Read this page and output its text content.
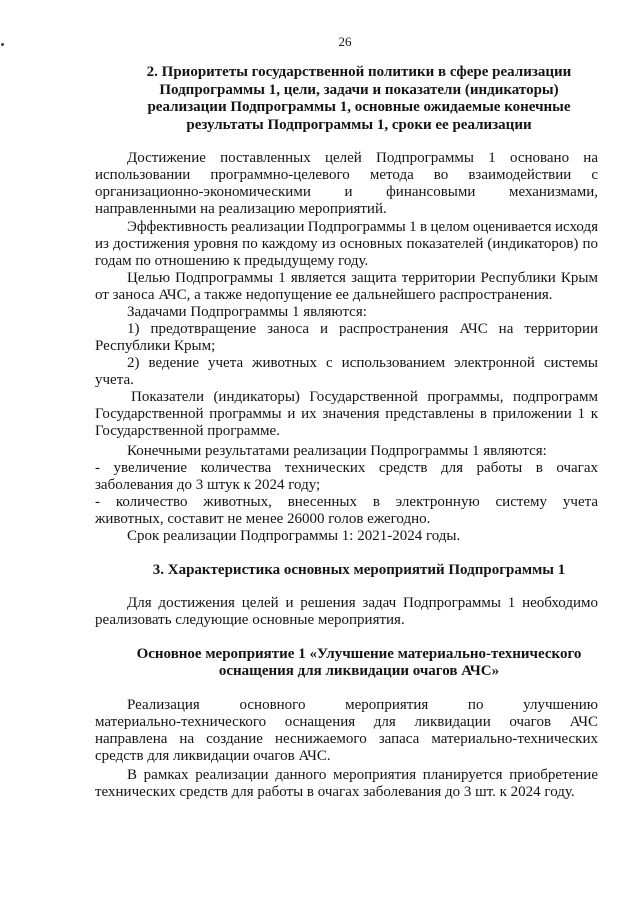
26
2. Приоритеты государственной политики в сфере реализации
Подпрограммы 1, цели, задачи и показатели (индикаторы)
реализации Подпрограммы 1, основные ожидаемые конечные
результаты Подпрограммы 1, сроки ее реализации
Достижение поставленных целей Подпрограммы 1 основано на
использовании программно-целевого метода во взаимодействии с
организационно-экономическими и финансовыми механизмами,
направленными на реализацию мероприятий.
Эффективность реализации Подпрограммы 1 в целом оценивается исходя
из достижения уровня по каждому из основных показателей (индикаторов) по
годам по отношению к предыдущему году.
Целью Подпрограммы 1 является защита территории Республики Крым
от заноса АЧС, а также недопущение ее дальнейшего распространения.
Задачами Подпрограммы 1 являются:
1) предотвращение заноса и распространения АЧС на территории
Республики Крым;
2) ведение учета животных с использованием электронной системы
учета.
Показатели (индикаторы) Государственной программы, подпрограмм
Государственной программы и их значения представлены в приложении 1 к
Государственной программе.
Конечными результатами реализации Подпрограммы 1 являются:
- увеличение количества технических средств для работы в очагах
заболевания до 3 штук к 2024 году;
- количество животных, внесенных в электронную систему учета
животных, составит не менее 26000 голов ежегодно.
Срок реализации Подпрограммы 1: 2021-2024 годы.
3. Характеристика основных мероприятий Подпрограммы 1
Для достижения целей и решения задач Подпрограммы 1 необходимо
реализовать следующие основные мероприятия.
Основное мероприятие 1 «Улучшение материально-технического
оснащения для ликвидации очагов АЧС»
Реализация основного мероприятия по улучшению
материально-технического оснащения для ликвидации очагов АЧС
направлена на создание неснижаемого запаса материально-технических
средств для ликвидации очагов АЧС.
В рамках реализации данного мероприятия планируется приобретение
технических средств для работы в очагах заболевания до 3 шт. к 2024 году.
